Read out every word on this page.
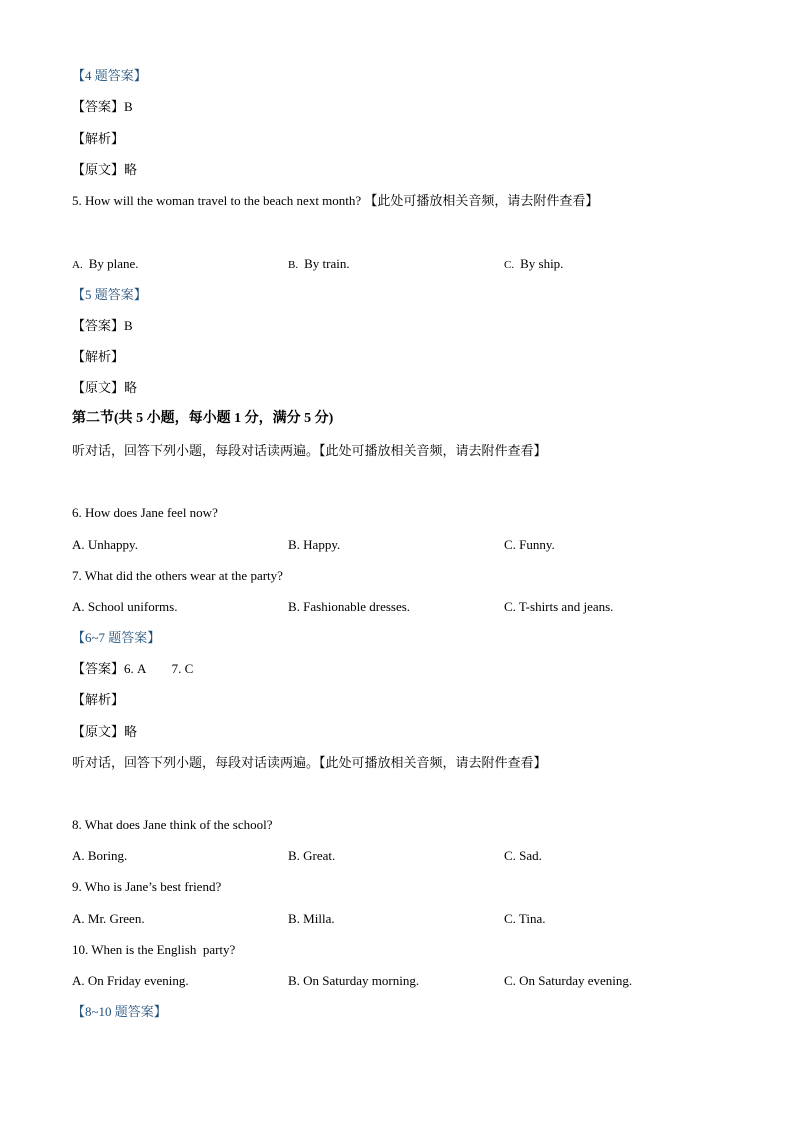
【4 题答案】
【答案】B
【解析】
【原文】略
5. How will the woman travel to the beach next month? 【此处可播放相关音频，请去附件查看】
A. By plane.	B. By train.	C. By ship.
【5 题答案】
【答案】B
【解析】
【原文】略
第二节(共 5 小题，每小题 1 分，满分 5 分)
听对话，回答下列小题，每段对话读两遍。【此处可播放相关音频，请去附件查看】
6. How does Jane feel now?
A. Unhappy.	B. Happy.	C. Funny.
7. What did the others wear at the party?
A. School uniforms.	B. Fashionable dresses.	C. T-shirts and jeans.
【6~7 题答案】
【答案】6. A        7. C
【解析】
【原文】略
听对话，回答下列小题，每段对话读两遍。【此处可播放相关音频，请去附件查看】
8. What does Jane think of the school?
A. Boring.	B. Great.	C. Sad.
9. Who is Jane’s best friend?
A. Mr. Green.	B. Milla.	C. Tina.
10. When is the English  party?
A. On Friday evening.	B. On Saturday morning.	C. On Saturday evening.
【8~10 题答案】
